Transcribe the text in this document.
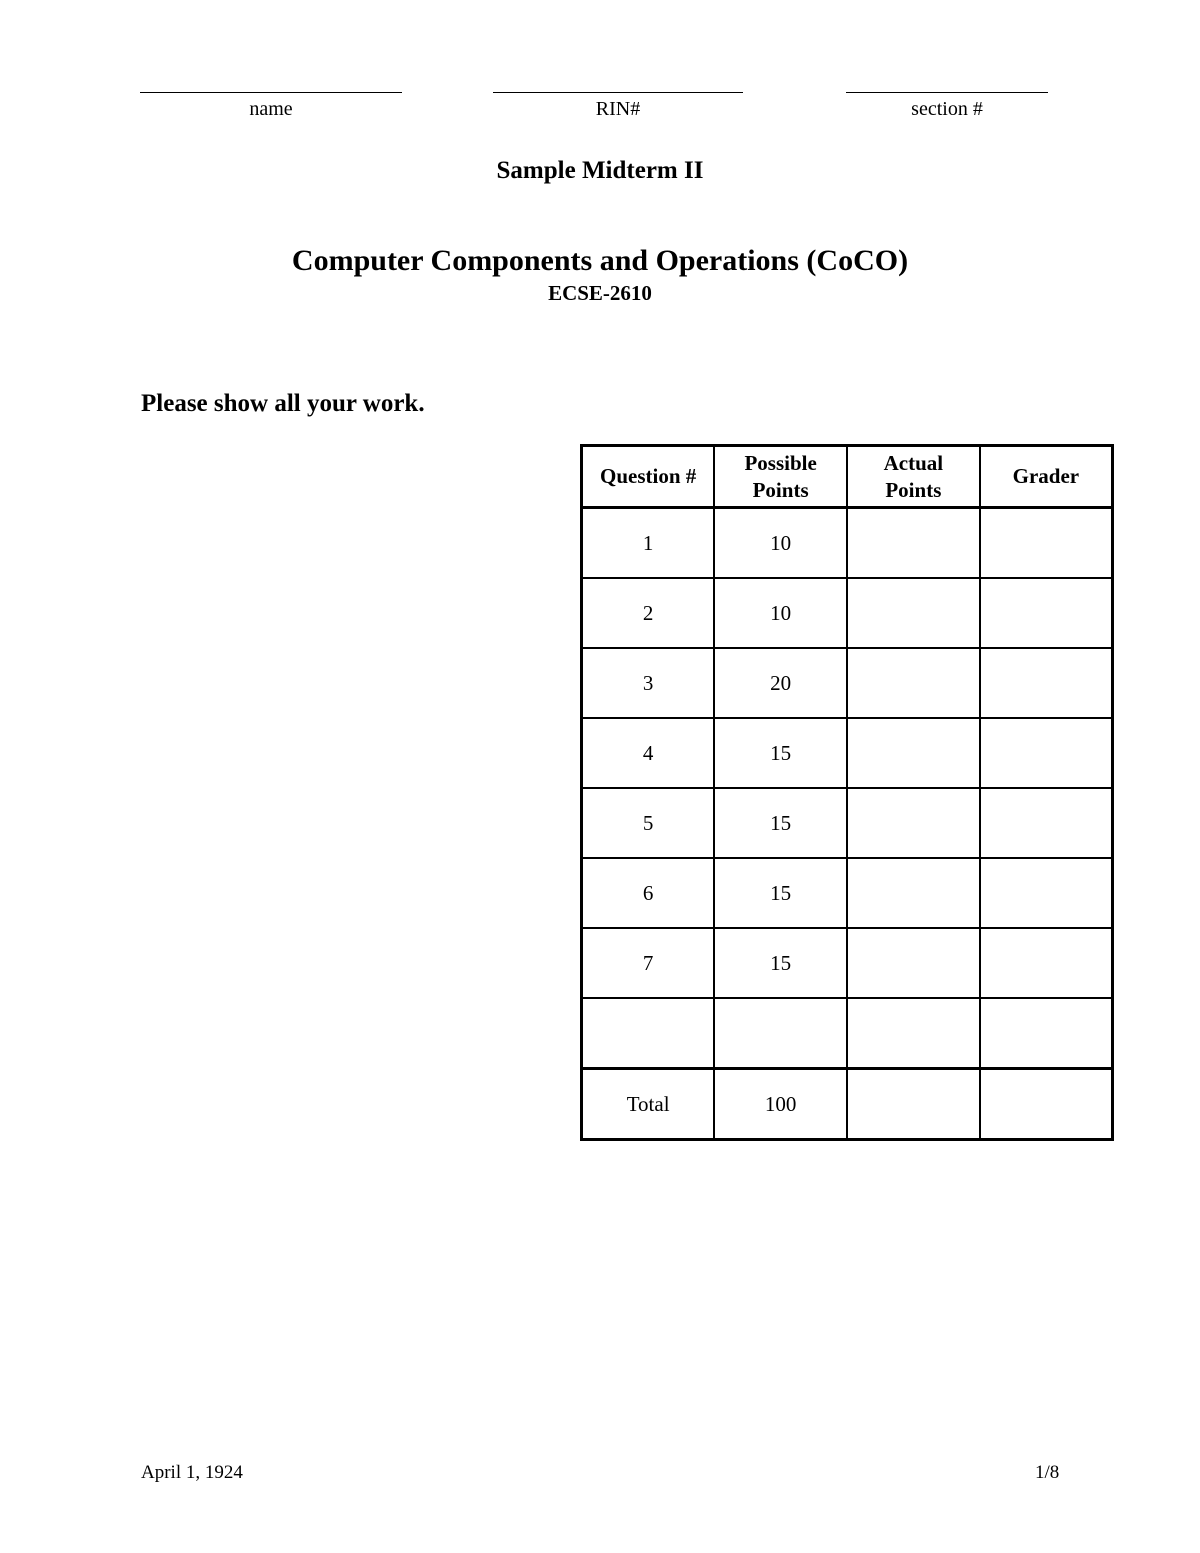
name	RIN#	section #
Sample Midterm II
Computer Components and Operations (CoCO)
ECSE-2610
Please show all your work.
Question #	Possible Points	Actual Points	Grader
1	10		
2	10		
3	20		
4	15		
5	15		
6	15		
7	15		

Total	100		
April 1, 1924	1/8
